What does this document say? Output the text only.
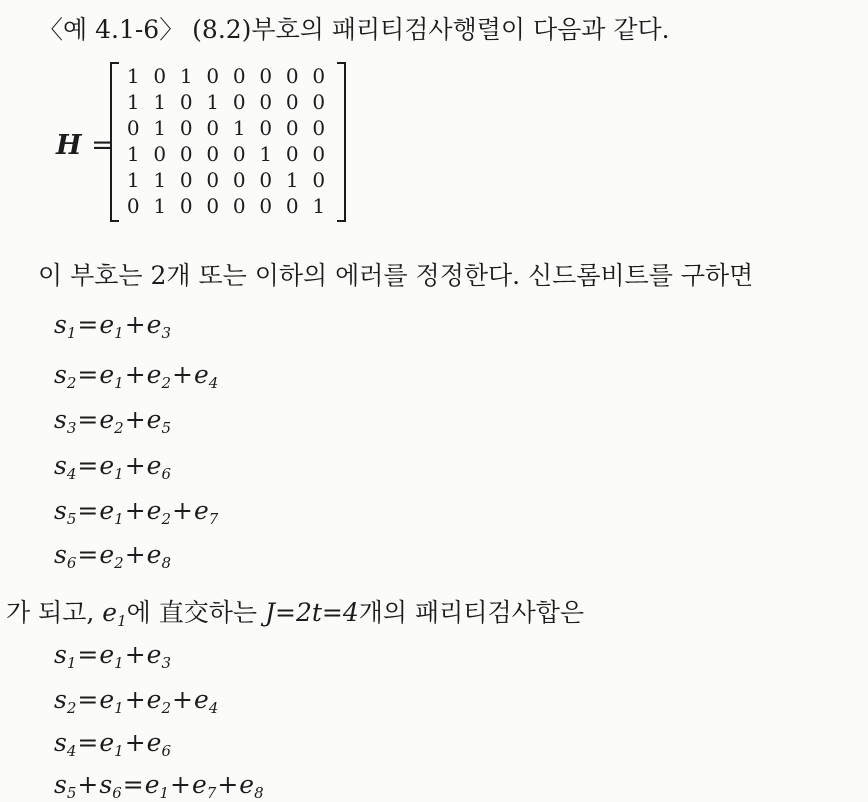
〈예 4.1-6〉 (8.2)부호의 패리티검사행렬이 다음과 같다.
H =
1 0 1 0 0 0 0 0
1 1 0 1 0 0 0 0
0 1 0 0 1 0 0 0
1 0 0 0 0 1 0 0
1 1 0 0 0 0 1 0
0 1 0 0 0 0 0 1
이 부호는 2개 또는 이하의 에러를 정정한다. 신드롬비트를 구하면
$s_1=e_1+e_3$
$s_2=e_1+e_2+e_4$
$s_3=e_2+e_5$
$s_4=e_1+e_6$
$s_5=e_1+e_2+e_7$
$s_6=e_2+e_8$
가 되고, $e_1$에 直交하는 J=2t=4개의 패리티검사합은
$s_1=e_1+e_3$
$s_2=e_1+e_2+e_4$
$s_4=e_1+e_6$
$s_5+s_6=e_1+e_7+e_8$
